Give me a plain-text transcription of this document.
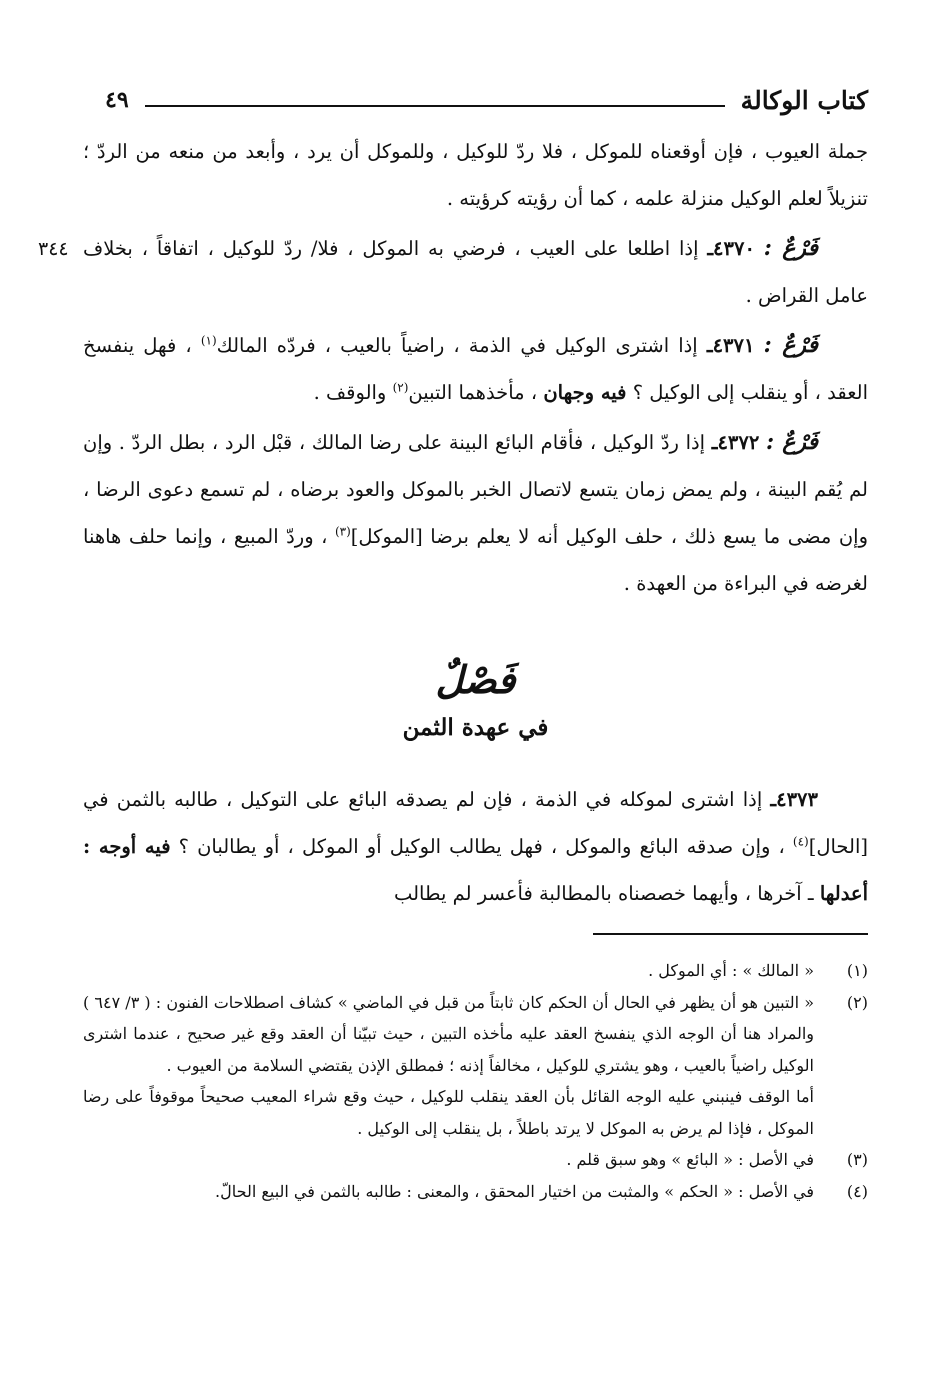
كتاب الوكالة
٤٩
٣٤٤

جملة العيوب ، فإن أوقعناه للموكل ، فلا ردّ للوكيل ، وللموكل أن يرد ، وأبعد من منعه من الردّ ؛ تنزيلاً لعلم الوكيل منزلة علمه ، كما أن رؤيته كرؤيته .

فَرْعٌ : ٤٣٧٠ـ إذا اطلعا على العيب ، فرضي به الموكل ، فلا/ ردّ للوكيل ، اتفاقاً ، بخلاف عامل القراض .

فَرْعٌ : ٤٣٧١ـ إذا اشترى الوكيل في الذمة ، راضياً بالعيب ، فردّه المالك$^{(١)}$ ، فهل ينفسخ العقد ، أو ينقلب إلى الوكيل ؟ فيه وجهان ، مأخذهما التبين$^{(٢)}$ والوقف .

فَرْعٌ : ٤٣٧٢ـ إذا ردّ الوكيل ، فأقام البائع البينة على رضا المالك ، قبْل الرد ، بطل الردّ . وإن لم يُقم البينة ، ولم يمض زمان يتسع لاتصال الخبر بالموكل والعود برضاه ، لم تسمع دعوى الرضا ، وإن مضى ما يسع ذلك ، حلف الوكيل أنه لا يعلم برضا [الموكل]$^{(٣)}$ ، وردّ المبيع ، وإنما حلف هاهنا لغرضه في البراءة من العهدة .

فَصْلٌ
في عهدة الثمن

٤٣٧٣ـ إذا اشترى لموكله في الذمة ، فإن لم يصدقه البائع على التوكيل ، طالبه بالثمن في [الحال]$^{(٤)}$ ، وإن صدقه البائع والموكل ، فهل يطالب الوكيل أو الموكل ، أو يطالبان ؟ فيه أوجه : أعدلها ـ آخرها ، وأيهما خصصناه بالمطالبة فأعسر لم يطالب

(١)
« المالك » : أي الموكل .
(٢)
« التبين هو أن يظهر في الحال أن الحكم كان ثابتاً من قبل في الماضي » كشاف اصطلاحات الفنون : ( ٣/ ٦٤٧ ) والمراد هنا أن الوجه الذي ينفسخ العقد عليه مأخذه التبين ، حيث تبيّنا أن العقد وقع غير صحيح ، عندما اشترى الوكيل راضياً بالعيب ، وهو يشتري للوكيل ، مخالفاً إذنه ؛ فمطلق الإذن يقتضي السلامة من العيوب .
أما الوقف فينبني عليه الوجه القائل بأن العقد ينقلب للوكيل ، حيث وقع شراء المعيب صحيحاً موقوفاً على رضا الموكل ، فإذا لم يرض به الموكل لا يرتد باطلاً ، بل ينقلب إلى الوكيل .
(٣)
في الأصل : « البائع » وهو سبق قلم .
(٤)
في الأصل : « الحكم » والمثبت من اختيار المحقق ، والمعنى : طالبه بالثمن في البيع الحالّ.
